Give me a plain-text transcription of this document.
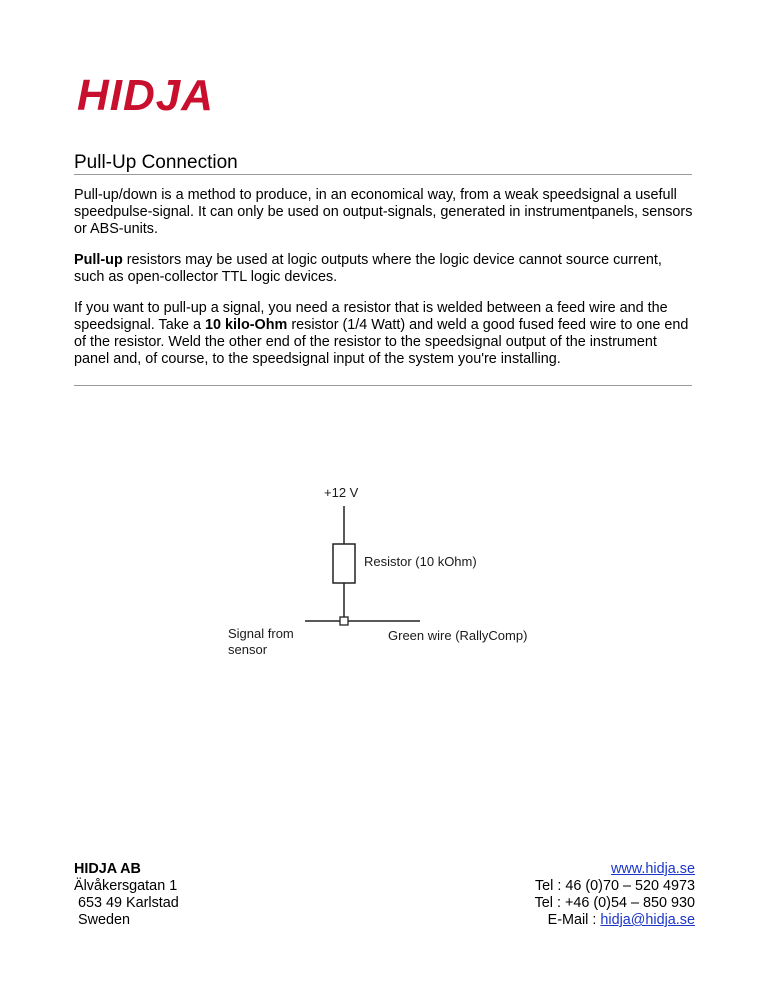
HIDJA
Pull-Up Connection
Pull-up/down is a method to produce, in an economical way, from a weak speedsignal a usefull speedpulse-signal. It can only be used on output-signals, generated in instrumentpanels, sensors or ABS-units.
Pull-up resistors may be used at logic outputs where the logic device cannot source current, such as open-collector TTL logic devices.
If you want to pull-up a signal, you need a resistor that is welded between a feed wire and the speedsignal. Take a 10 kilo-Ohm resistor (1/4 Watt) and weld a good fused feed wire to one end of the resistor. Weld the other end of the resistor to the speedsignal output of the instrument panel and, of course, to the speedsignal input of the system you're installing.
+12 V
Resistor (10 kOhm)
Signal from
sensor
Green wire (RallyComp)
HIDJA AB
Älvåkersgatan 1
653 49 Karlstad
Sweden
www.hidja.se
Tel : 46 (0)70 – 520 4973
Tel : +46 (0)54 – 850 930
E-Mail : hidja@hidja.se
